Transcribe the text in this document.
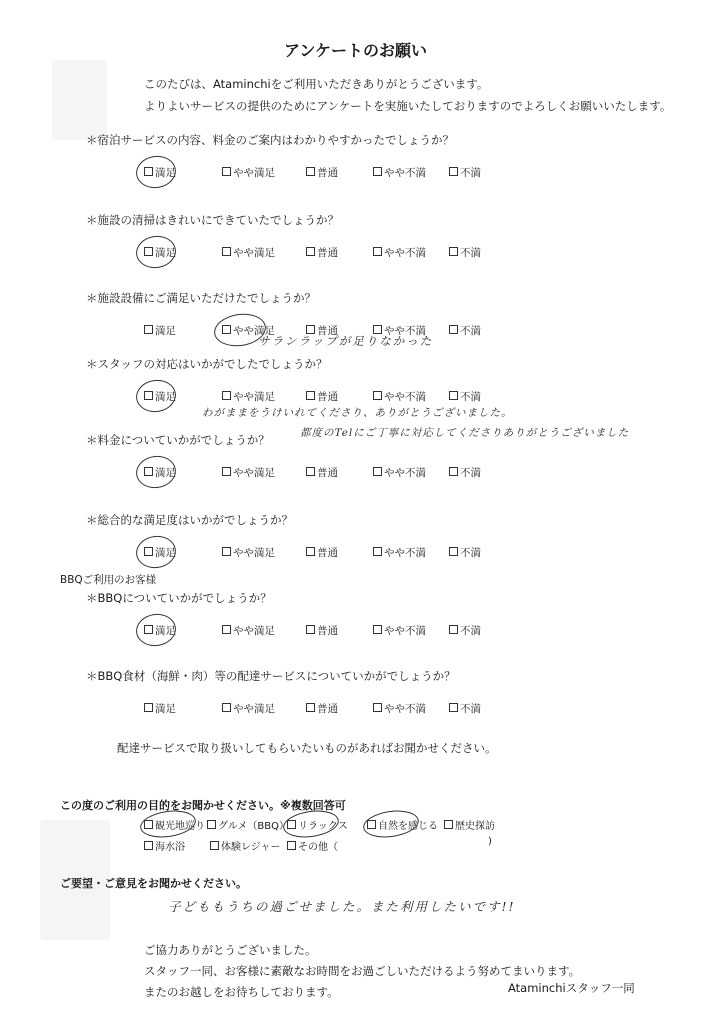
アンケートのお願い
このたびは、Ataminchiをご利用いただきありがとうございます。
よりよいサービスの提供のためにアンケートを実施いたしておりますのでよろしくお願いいたします。
＊宿泊サービスの内容、料金のご案内はわかりやすかったでしょうか？
満足	やや満足	普通	やや不満	不満
＊施設の清掃はきれいにできていたでしょうか？
満足	やや満足	普通	やや不満	不満
＊施設設備にご満足いただけたでしょうか？
満足	やや満足	普通	やや不満	不満
サランラップが足りなかった
＊スタッフの対応はいかがでしたでしょうか？
満足	やや満足	普通	やや不満	不満
わがままをうけいれてくださり、ありがとうございました。
＊料金についていかがでしょうか？
満足	やや満足	普通	やや不満	不満
都度のTelにご丁寧に対応してくださりありがとうございました
＊総合的な満足度はいかがでしょうか？
満足	やや満足	普通	やや不満	不満
＊BBQについていかがでしょうか？
満足	やや満足	普通	やや不満	不満
＊BBQ食材（海鮮・肉）等の配達サービスについていかがでしょうか？
満足	やや満足	普通	やや不満	不満
BBQご利用のお客様
配達サービスで取り扱いしてもらいたいものがあればお聞かせください。
この度のご利用の目的をお聞かせください。※複数回答可
観光地巡り	グルメ（BBQ） リラックス	自然を感じる	歴史探訪
海水浴	体験レジャー	その他（
)
ご要望・ご意見をお聞かせください。
子どももうちの過ごせました。また利用したいです!!
ご協力ありがとうございました。
スタッフ一同、お客様に素敵なお時間をお過ごしいただけるよう努めてまいります。
またのお越しをお待ちしております。	Ataminchiスタッフ一同
